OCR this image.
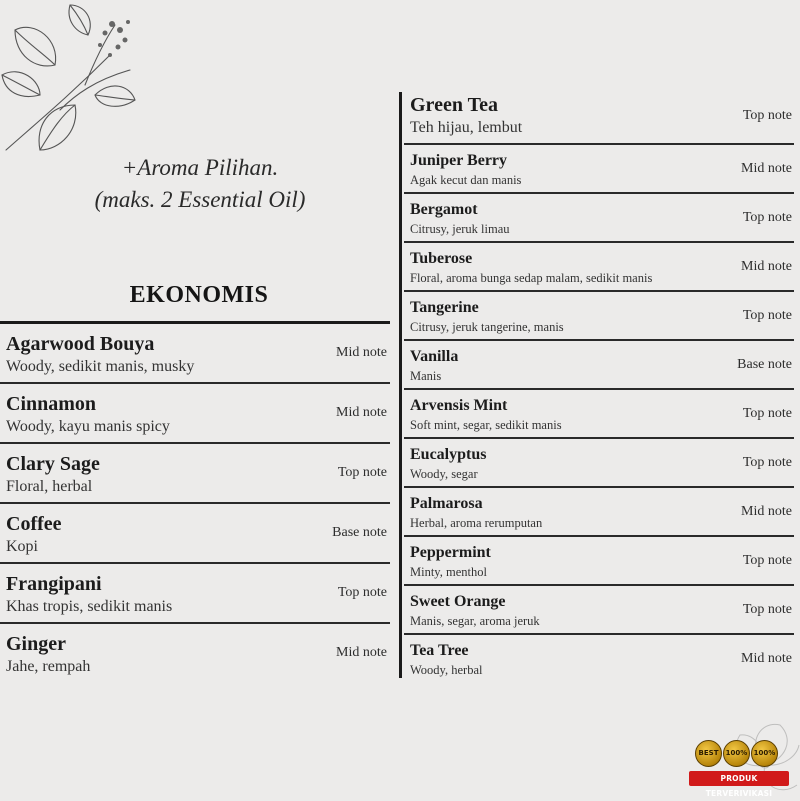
+Aroma Pilihan.
(maks. 2 Essential Oil)
EKONOMIS
Agarwood Bouya
Woody, sedikit manis, musky
Mid note
Cinnamon
Woody, kayu manis spicy
Mid note
Clary Sage
Floral, herbal
Top note
Coffee
Kopi
Base note
Frangipani
Khas tropis, sedikit manis
Top note
Ginger
Jahe, rempah
Mid note
Green Tea
Teh hijau, lembut
Top note
Juniper Berry
Agak kecut dan manis
Mid note
Bergamot
Citrusy, jeruk limau
Top note
Tuberose
Floral, aroma bunga sedap malam, sedikit manis
Mid note
Tangerine
Citrusy, jeruk tangerine, manis
Top note
Vanilla
Manis
Base note
Arvensis Mint
Soft mint, segar, sedikit manis
Top note
Eucalyptus
Woody, segar
Top note
Palmarosa
Herbal, aroma rerumputan
Mid note
Peppermint
Minty, menthol
Top note
Sweet Orange
Manis, segar, aroma jeruk
Top note
Tea Tree
Woody, herbal
Mid note
BEST	100% 100%
PRODUK TERVERIVIKASI
